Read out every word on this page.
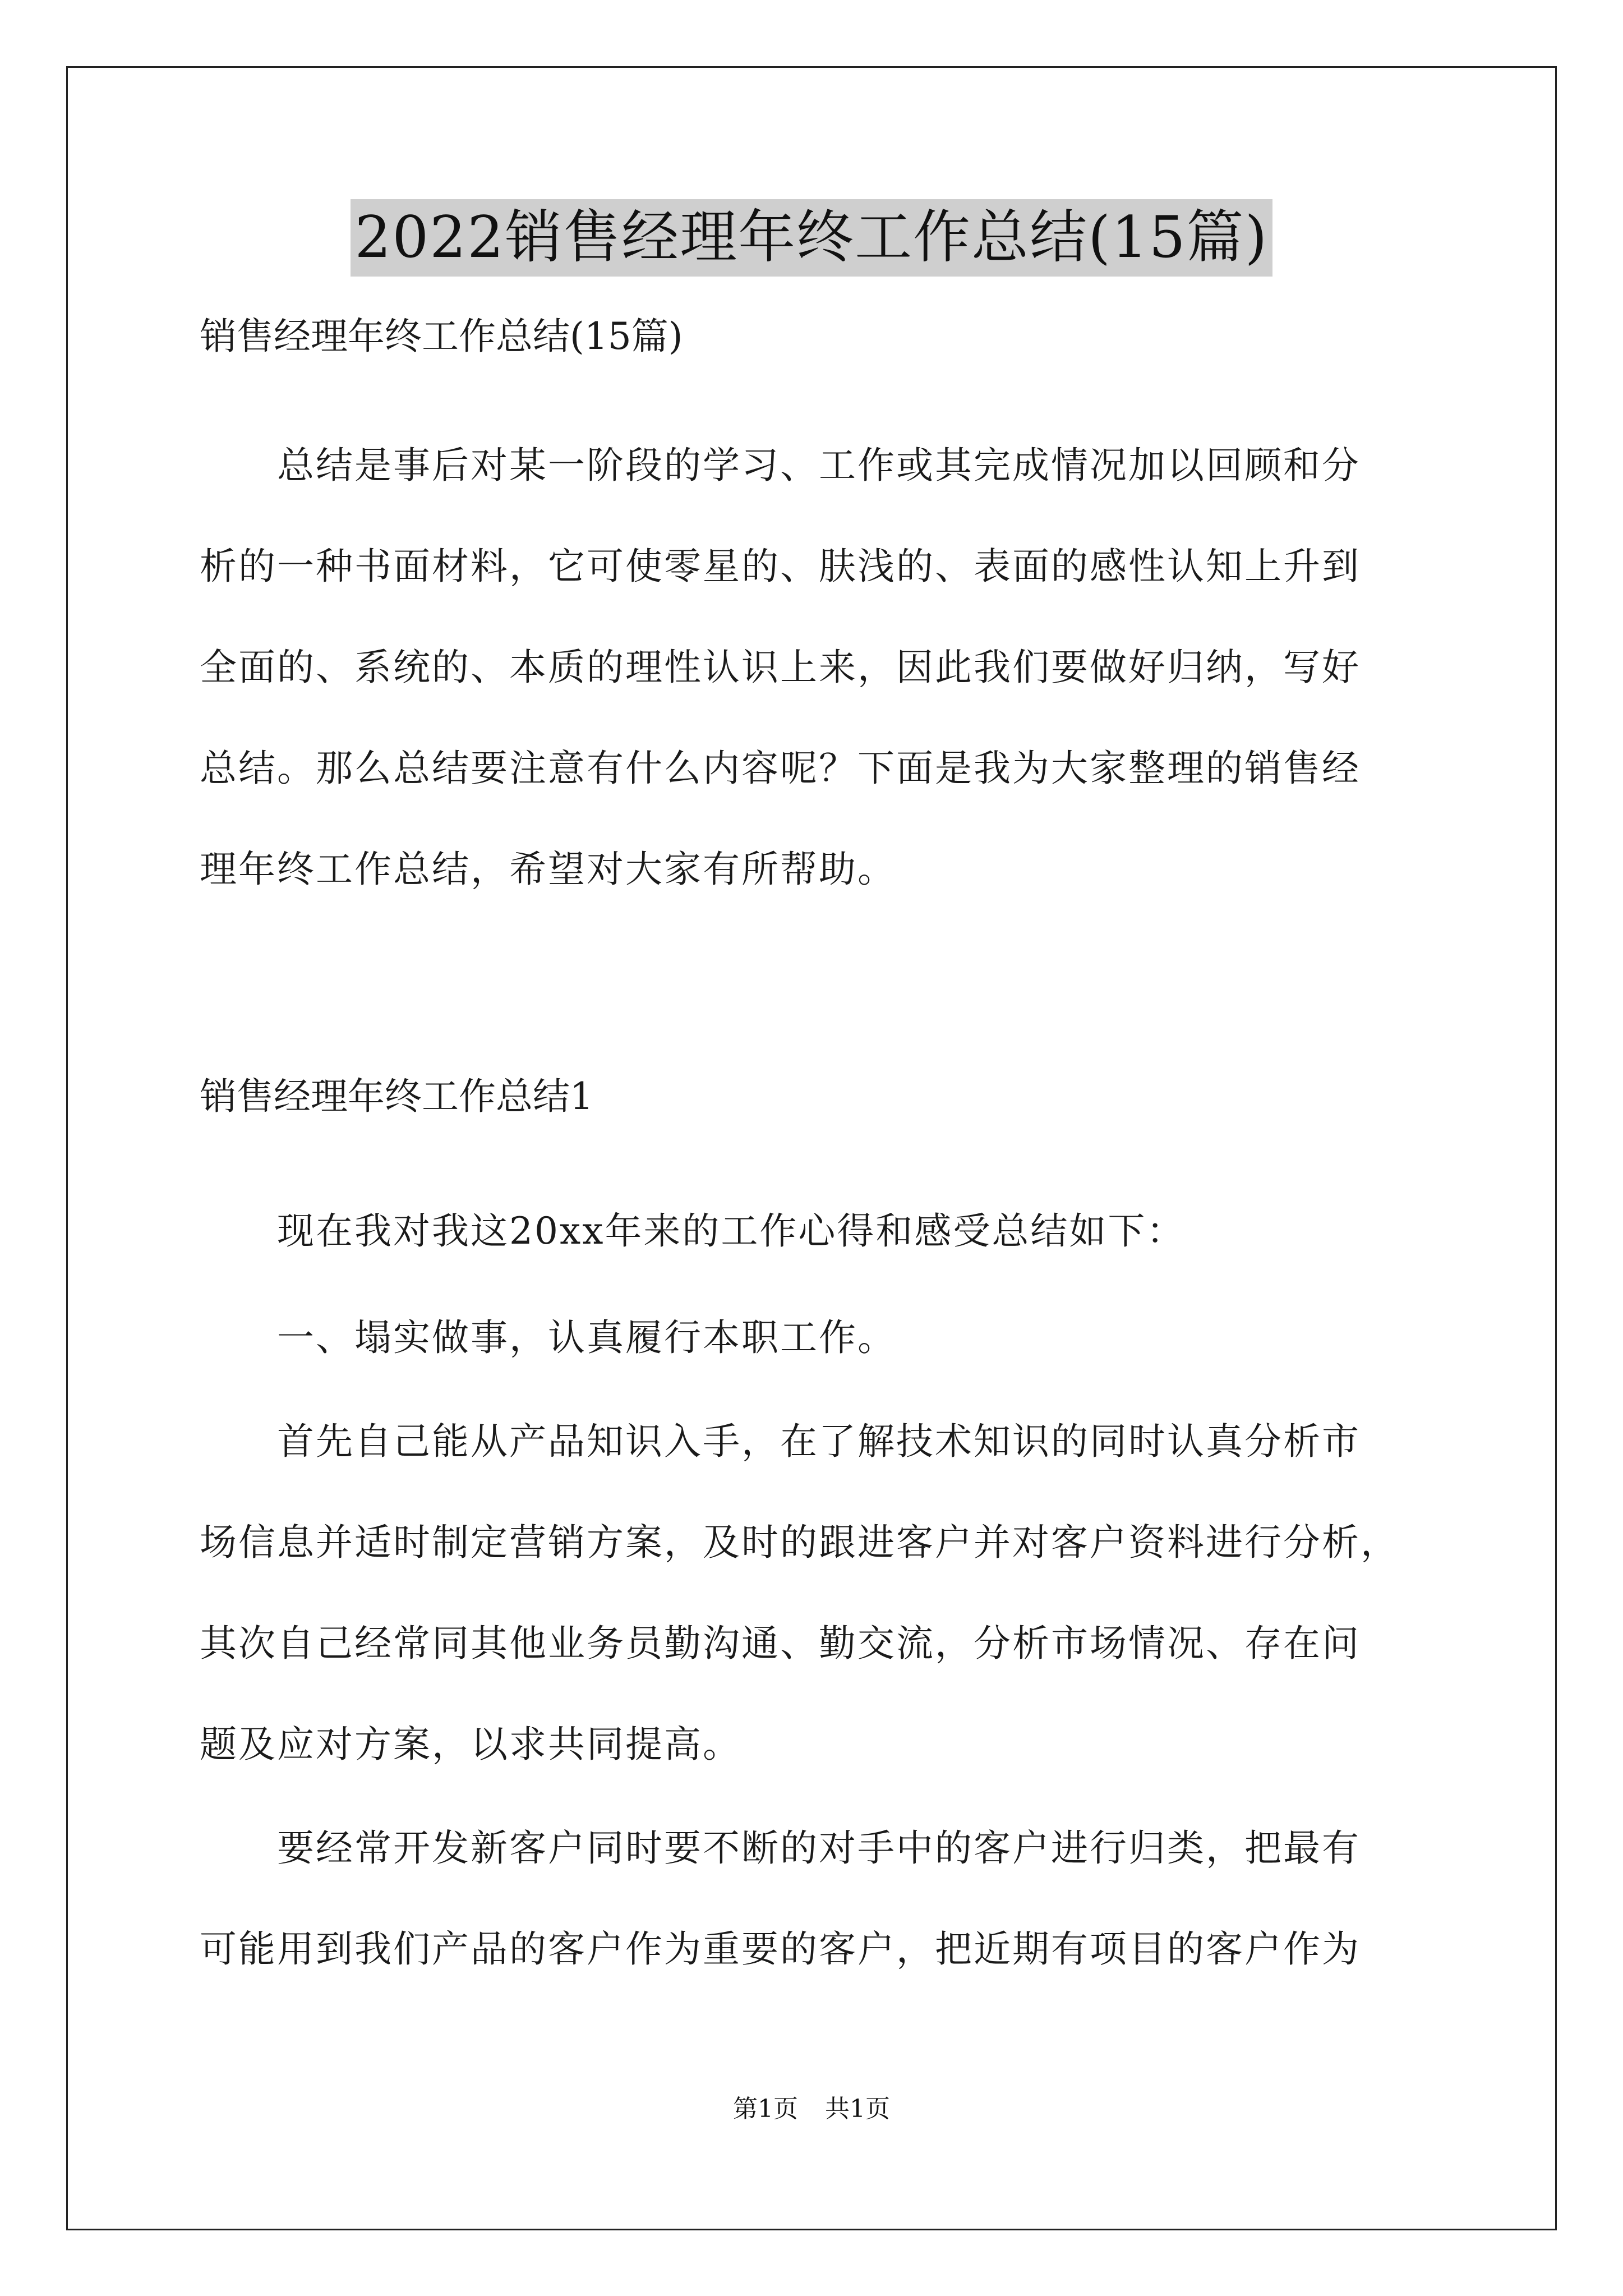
2022销售经理年终工作总结(15篇)
销售经理年终工作总结(15篇)
　　总结是事后对某一阶段的学习、工作或其完成情况加以回顾和分
析的一种书面材料，它可使零星的、肤浅的、表面的感性认知上升到
全面的、系统的、本质的理性认识上来，因此我们要做好归纳，写好
总结。那么总结要注意有什么内容呢？下面是我为大家整理的销售经
理年终工作总结，希望对大家有所帮助。
销售经理年终工作总结1
　　现在我对我这20xx年来的工作心得和感受总结如下：
　　一、塌实做事，认真履行本职工作。
　　首先自己能从产品知识入手，在了解技术知识的同时认真分析市
场信息并适时制定营销方案，及时的跟进客户并对客户资料进行分析，
其次自己经常同其他业务员勤沟通、勤交流，分析市场情况、存在问
题及应对方案，以求共同提高。
　　要经常开发新客户同时要不断的对手中的客户进行归类，把最有
可能用到我们产品的客户作为重要的客户，把近期有项目的客户作为
第1页 共1页
